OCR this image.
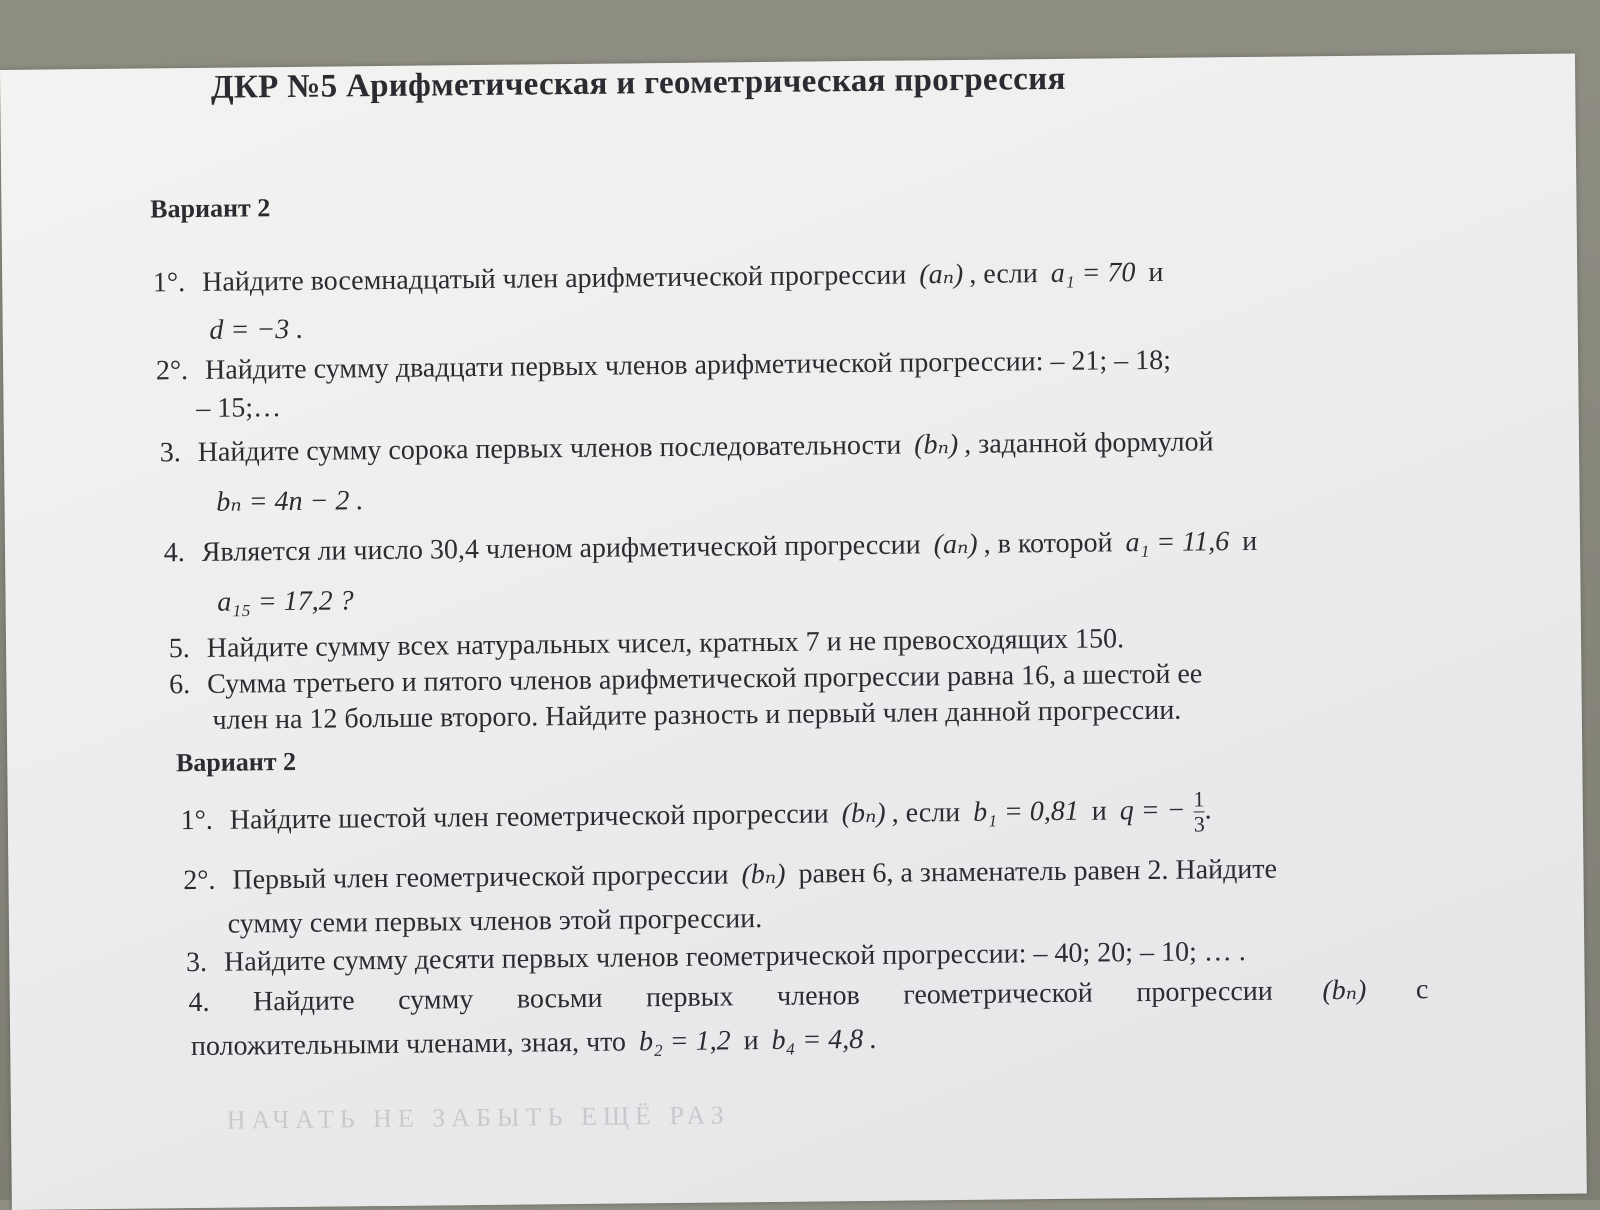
ДКР №5 Арифметическая и геометрическая прогрессия
Вариант 2
1°. Найдите восемнадцатый член арифметической прогрессии (aₙ) , если a₁ = 70 и
d = −3 .
2°. Найдите сумму двадцати первых членов арифметической прогрессии: – 21; – 18;
– 15;…
3. Найдите сумму сорока первых членов последовательности (bₙ) , заданной формулой
bₙ = 4n − 2 .
4. Является ли число 30,4 членом арифметической прогрессии (aₙ) , в которой a₁ = 11,6 и
a₁₅ = 17,2 ?
5. Найдите сумму всех натуральных чисел, кратных 7 и не превосходящих 150.
6. Сумма третьего и пятого членов арифметической прогрессии равна 16, а шестой ее
член на 12 больше второго. Найдите разность и первый член данной прогрессии.
Вариант 2
1°. Найдите шестой член геометрической прогрессии (bₙ) , если b₁ = 0,81 и q = − $\frac{1}{3}$ .
2°. Первый член геометрической прогрессии (bₙ) равен 6, а знаменатель равен 2. Найдите
сумму семи первых членов этой прогрессии.
3. Найдите сумму десяти первых членов геометрической прогрессии: – 40; 20; – 10; … .
4. Найдите сумму восьми первых членов геометрической прогрессии (bₙ) с
положительными членами, зная, что b₂ = 1,2 и b₄ = 4,8 .
НАЧАТЬ НЕ ЗАБЫТЬ ЕЩЁ РАЗ
